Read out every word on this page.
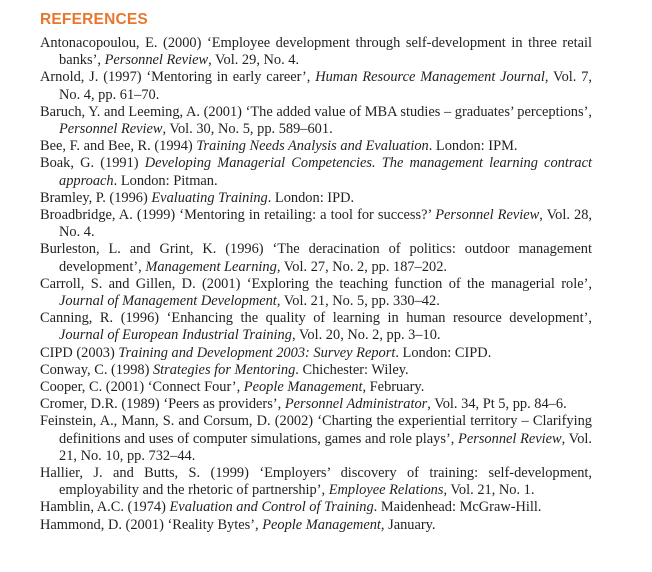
REFERENCES
Antonacopoulou, E. (2000) ‘Employee development through self-development in three retail banks’, Personnel Review, Vol. 29, No. 4.
Arnold, J. (1997) ‘Mentoring in early career’, Human Resource Management Journal, Vol. 7, No. 4, pp. 61–70.
Baruch, Y. and Leeming, A. (2001) ‘The added value of MBA studies – graduates’ perceptions’, Personnel Review, Vol. 30, No. 5, pp. 589–601.
Bee, F. and Bee, R. (1994) Training Needs Analysis and Evaluation. London: IPM.
Boak, G. (1991) Developing Managerial Competencies. The management learning contract approach. London: Pitman.
Bramley, P. (1996) Evaluating Training. London: IPD.
Broadbridge, A. (1999) ‘Mentoring in retailing: a tool for success?’ Personnel Review, Vol. 28, No. 4.
Burleston, L. and Grint, K. (1996) ‘The deracination of politics: outdoor management development’, Management Learning, Vol. 27, No. 2, pp. 187–202.
Carroll, S. and Gillen, D. (2001) ‘Exploring the teaching function of the managerial role’, Journal of Management Development, Vol. 21, No. 5, pp. 330–42.
Canning, R. (1996) ‘Enhancing the quality of learning in human resource development’, Journal of European Industrial Training, Vol. 20, No. 2, pp. 3–10.
CIPD (2003) Training and Development 2003: Survey Report. London: CIPD.
Conway, C. (1998) Strategies for Mentoring. Chichester: Wiley.
Cooper, C. (2001) ‘Connect Four’, People Management, February.
Cromer, D.R. (1989) ‘Peers as providers’, Personnel Administrator, Vol. 34, Pt 5, pp. 84–6.
Feinstein, A., Mann, S. and Corsum, D. (2002) ‘Charting the experiential territory – Clarifying definitions and uses of computer simulations, games and role plays’, Personnel Review, Vol. 21, No. 10, pp. 732–44.
Hallier, J. and Butts, S. (1999) ‘Employers’ discovery of training: self-development, employability and the rhetoric of partnership’, Employee Relations, Vol. 21, No. 1.
Hamblin, A.C. (1974) Evaluation and Control of Training. Maidenhead: McGraw-Hill.
Hammond, D. (2001) ‘Reality Bytes’, People Management, January.
